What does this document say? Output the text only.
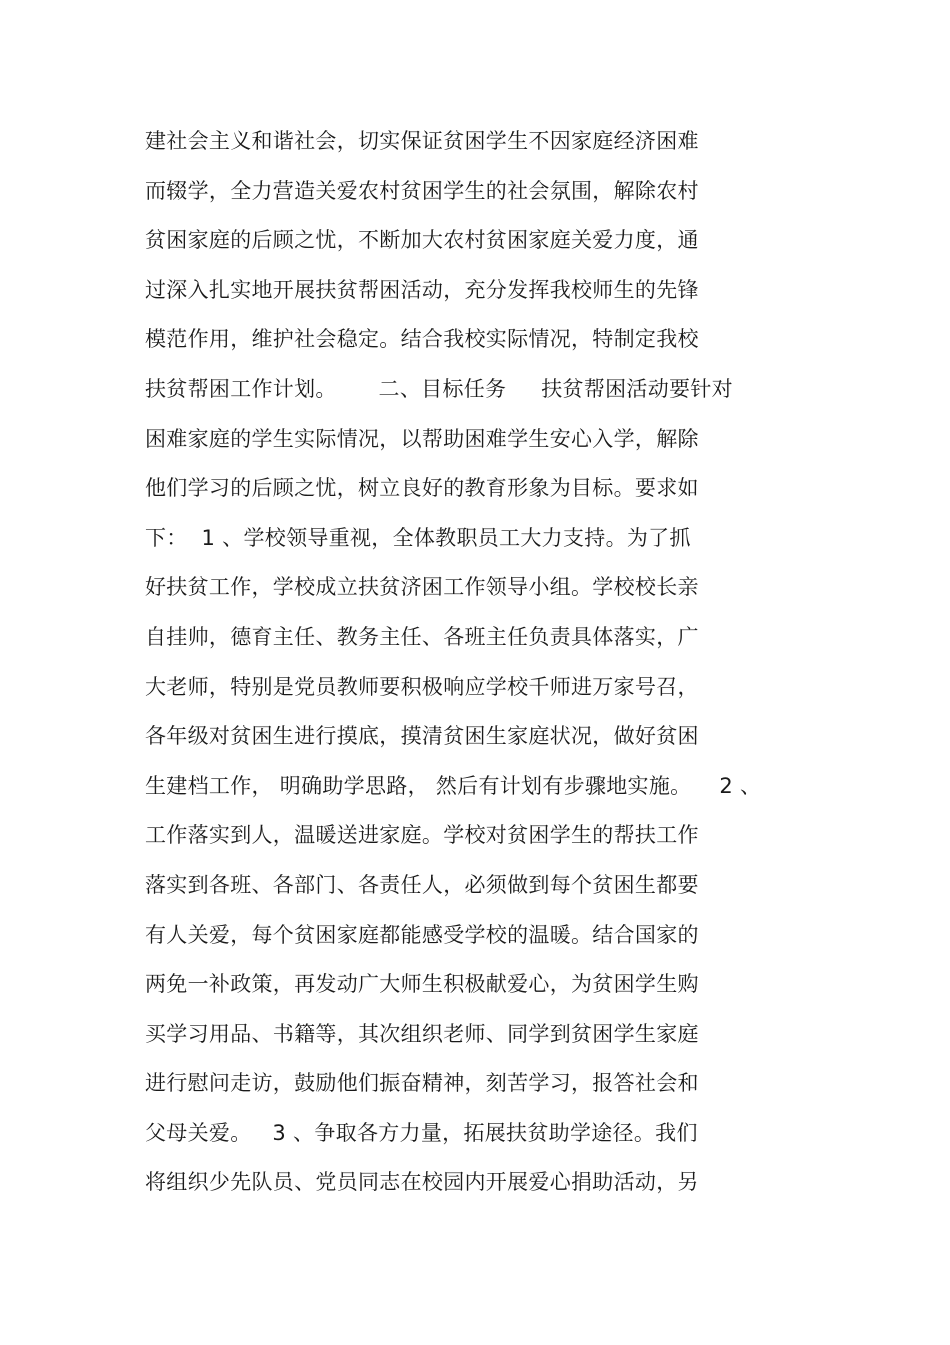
建社会主义和谐社会，切实保证贫困学生不因家庭经济困难
而辍学，全力营造关爱农村贫困学生的社会氛围，解除农村
贫困家庭的后顾之忧，不断加大农村贫困家庭关爱力度，通
过深入扎实地开展扶贫帮困活动，充分发挥我校师生的先锋
模范作用，维护社会稳定。结合我校实际情况，特制定我校
扶贫帮困工作计划。      二、目标任务     扶贫帮困活动要针对
困难家庭的学生实际情况，以帮助困难学生安心入学，解除
他们学习的后顾之忧，树立良好的教育形象为目标。要求如
下：  1 、学校领导重视，全体教职员工大力支持。为了抓
好扶贫工作，学校成立扶贫济困工作领导小组。学校校长亲
自挂帅，德育主任、教务主任、各班主任负责具体落实，广
大老师，特别是党员教师要积极响应学校千师进万家号召，
各年级对贫困生进行摸底，摸清贫困生家庭状况，做好贫困
生建档工作， 明确助学思路， 然后有计划有步骤地实施。    2 、
工作落实到人，温暖送进家庭。学校对贫困学生的帮扶工作
落实到各班、各部门、各责任人，必须做到每个贫困生都要
有人关爱，每个贫困家庭都能感受学校的温暖。结合国家的
两免一补政策，再发动广大师生积极献爱心，为贫困学生购
买学习用品、书籍等，其次组织老师、同学到贫困学生家庭
进行慰问走访，鼓励他们振奋精神，刻苦学习，报答社会和
父母关爱。   3 、争取各方力量，拓展扶贫助学途径。我们
将组织少先队员、党员同志在校园内开展爱心捐助活动，另
